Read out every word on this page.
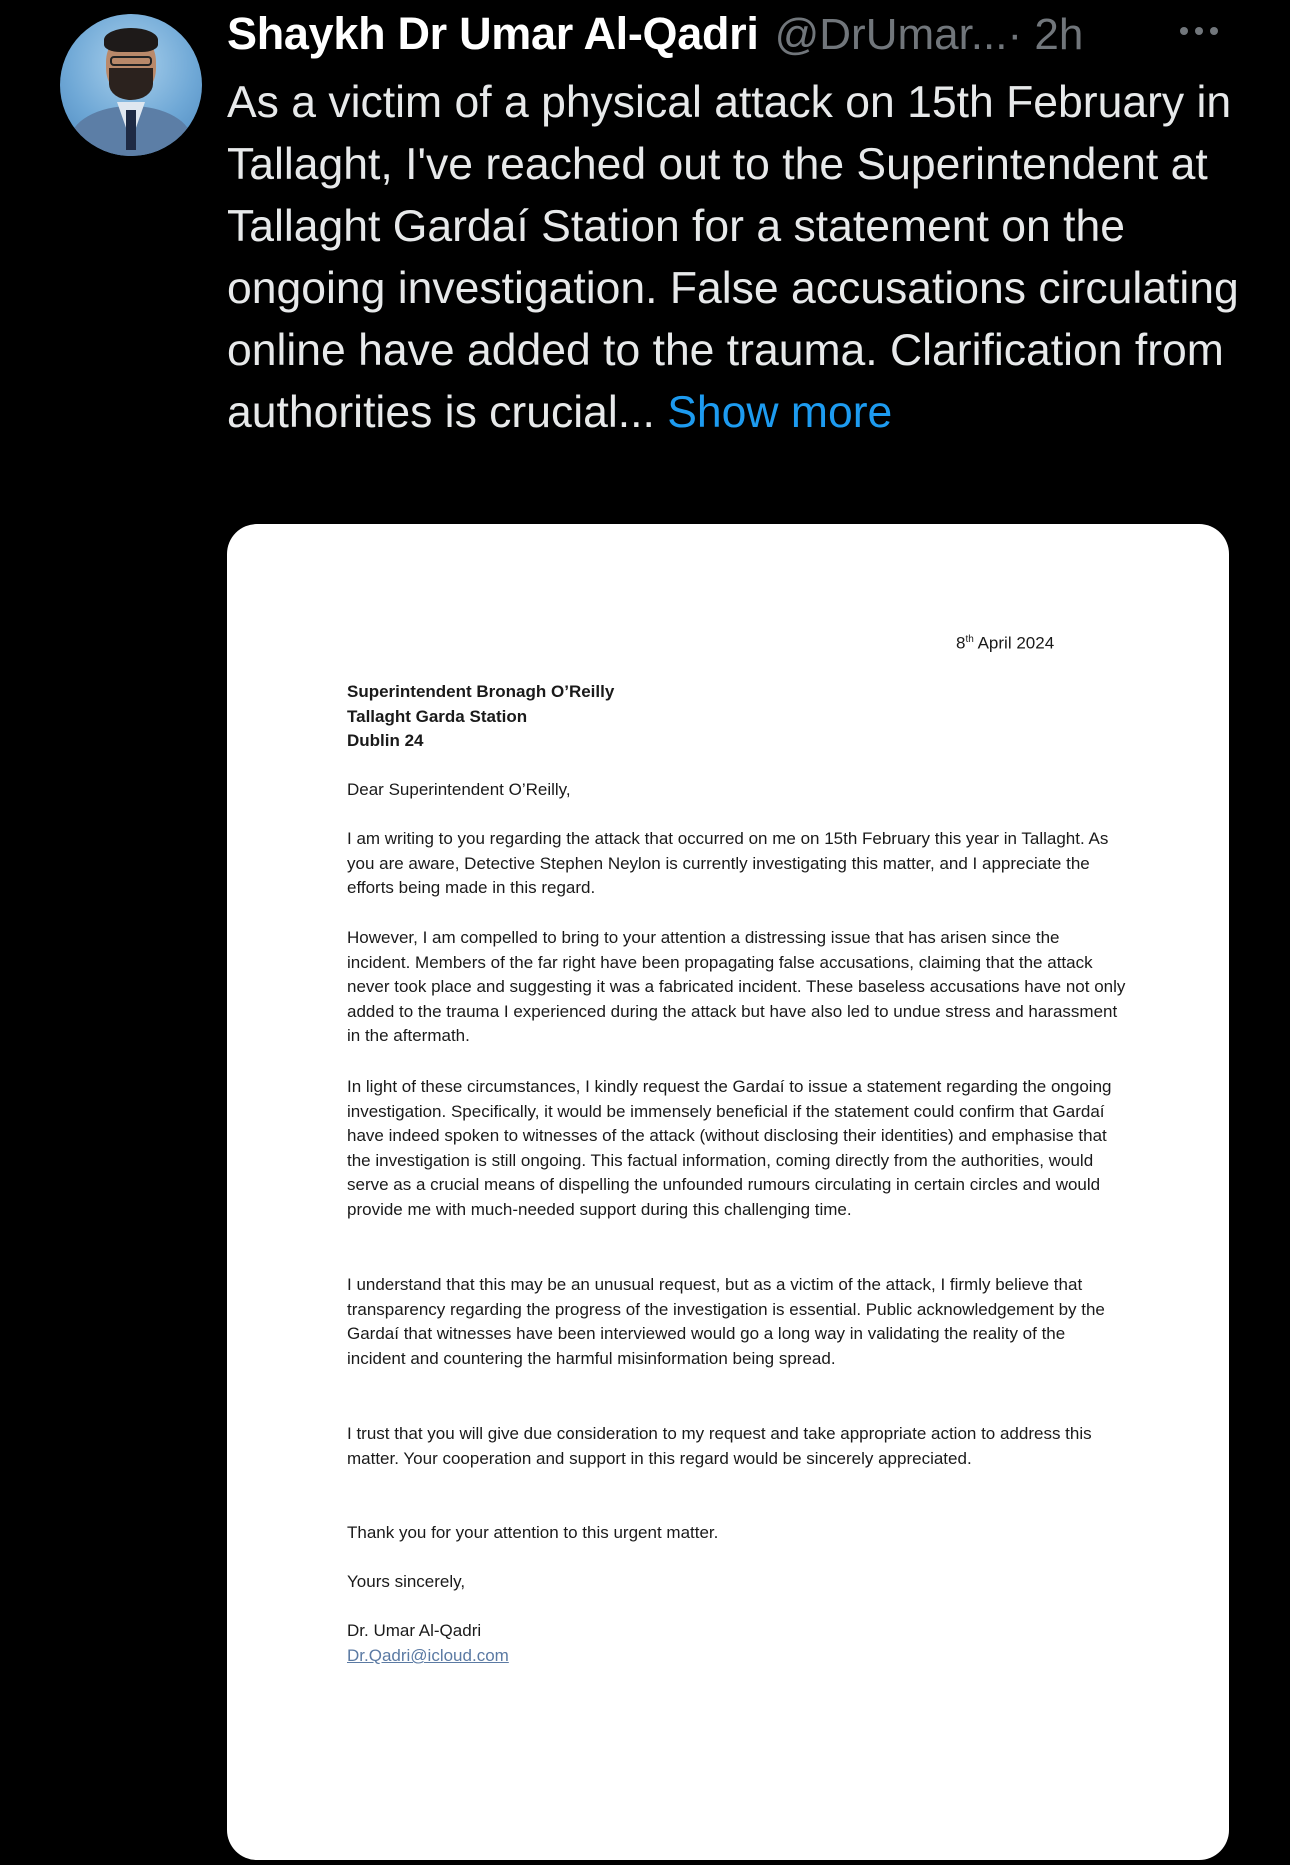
Shaykh Dr Umar Al-Qadri @DrUmar... · 2h
As a victim of a physical attack on 15th February in Tallaght, I've reached out to the Superintendent at Tallaght Gardaí Station for a statement on the ongoing investigation. False accusations circulating online have added to the trauma. Clarification from authorities is crucial... Show more
8th April 2024
Superintendent Bronagh O’Reilly
Tallaght Garda Station
Dublin 24
Dear Superintendent O’Reilly,
I am writing to you regarding the attack that occurred on me on 15th February this year in Tallaght. As you are aware, Detective Stephen Neylon is currently investigating this matter, and I appreciate the efforts being made in this regard.
However, I am compelled to bring to your attention a distressing issue that has arisen since the incident. Members of the far right have been propagating false accusations, claiming that the attack never took place and suggesting it was a fabricated incident. These baseless accusations have not only added to the trauma I experienced during the attack but have also led to undue stress and harassment in the aftermath.
In light of these circumstances, I kindly request the Gardaí to issue a statement regarding the ongoing investigation. Specifically, it would be immensely beneficial if the statement could confirm that Gardaí have indeed spoken to witnesses of the attack (without disclosing their identities) and emphasise that the investigation is still ongoing. This factual information, coming directly from the authorities, would serve as a crucial means of dispelling the unfounded rumours circulating in certain circles and would provide me with much-needed support during this challenging time.
I understand that this may be an unusual request, but as a victim of the attack, I firmly believe that transparency regarding the progress of the investigation is essential. Public acknowledgement by the Gardaí that witnesses have been interviewed would go a long way in validating the reality of the incident and countering the harmful misinformation being spread.
I trust that you will give due consideration to my request and take appropriate action to address this matter. Your cooperation and support in this regard would be sincerely appreciated.
Thank you for your attention to this urgent matter.
Yours sincerely,
Dr. Umar Al-Qadri
Dr.Qadri@icloud.com
